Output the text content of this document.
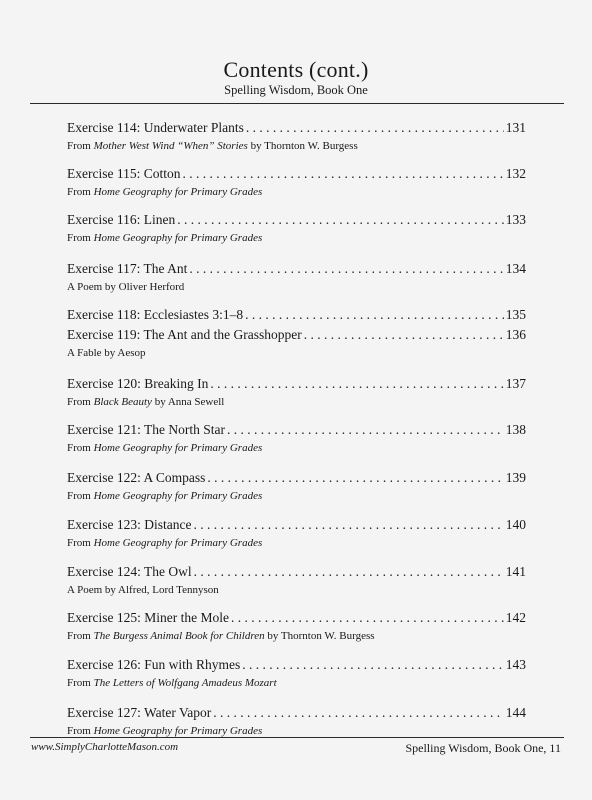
Contents (cont.)
Spelling Wisdom, Book One
Exercise 114: Underwater Plants . . .	131
From Mother West Wind “When” Stories by Thornton W. Burgess
Exercise 115: Cotton . . .	132
From Home Geography for Primary Grades
Exercise 116: Linen . . .	133
From Home Geography for Primary Grades
Exercise 117: The Ant . . .	134
A Poem by Oliver Herford
Exercise 118: Ecclesiastes 3:1–8 . . .	135
Exercise 119: The Ant and the Grasshopper . . .	136
A Fable by Aesop
Exercise 120: Breaking In . . .	137
From Black Beauty by Anna Sewell
Exercise 121: The North Star . . .	138
From Home Geography for Primary Grades
Exercise 122: A Compass . . .	139
From Home Geography for Primary Grades
Exercise 123: Distance . . .	140
From Home Geography for Primary Grades
Exercise 124: The Owl . . .	141
A Poem by Alfred, Lord Tennyson
Exercise 125: Miner the Mole . . .	142
From The Burgess Animal Book for Children by Thornton W. Burgess
Exercise 126: Fun with Rhymes . . .	143
From The Letters of Wolfgang Amadeus Mozart
Exercise 127: Water Vapor . . .	144
From Home Geography for Primary Grades
www.SimplyCharlotteMason.com	Spelling Wisdom, Book One, 11
